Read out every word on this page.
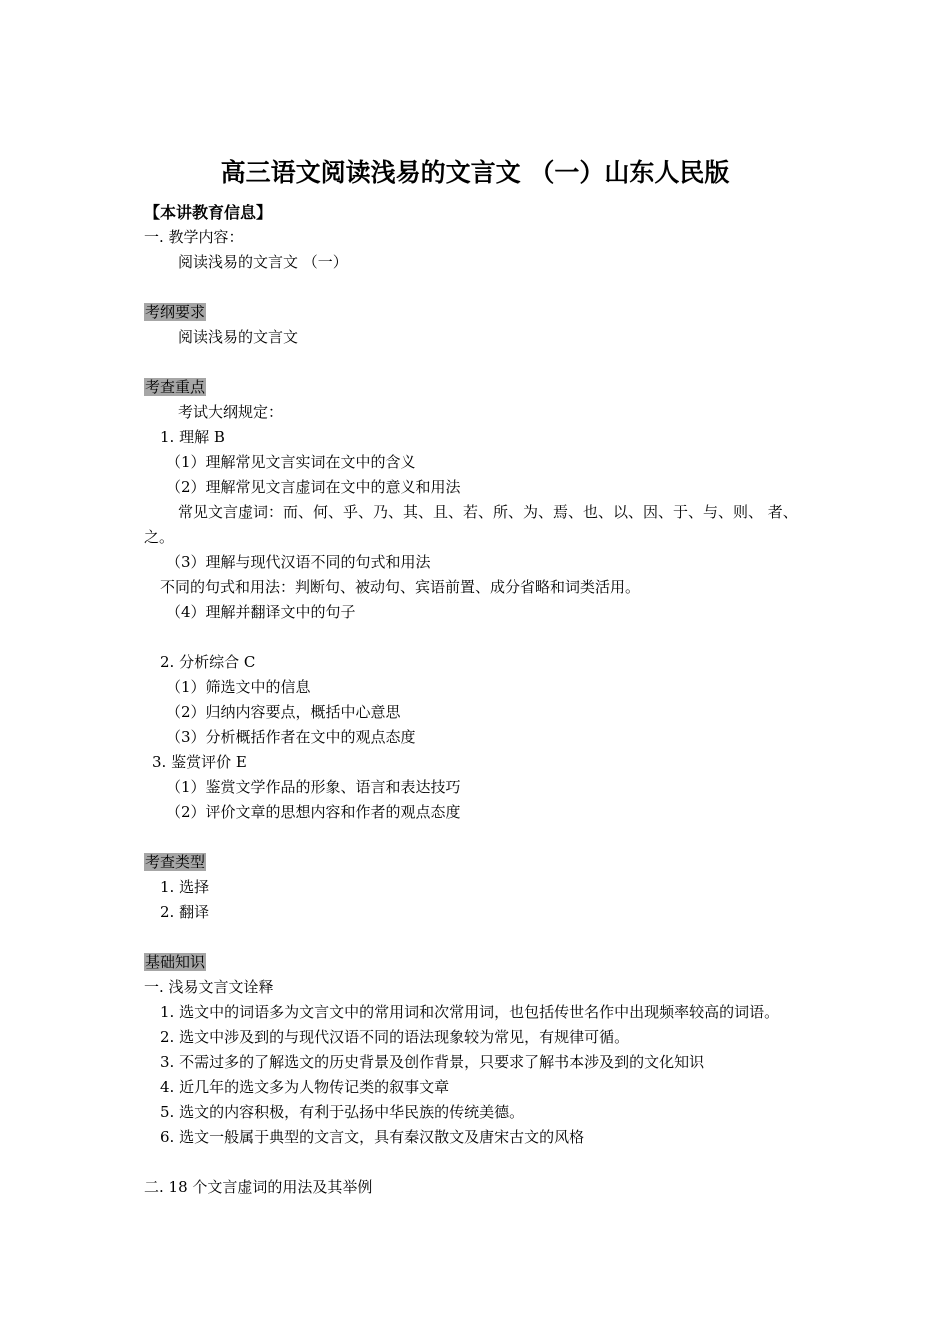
高三语文阅读浅易的文言文 （一）山东人民版
【本讲教育信息】
一. 教学内容：
阅读浅易的文言文 （一）
考纲要求
阅读浅易的文言文
考查重点
考试大纲规定：
1. 理解 B
（1）理解常见文言实词在文中的含义
（2）理解常见文言虚词在文中的意义和用法
常见文言虚词：而、何、乎、乃、其、且、若、所、为、焉、也、以、因、于、与、则、 者、 之。
（3）理解与现代汉语不同的句式和用法
不同的句式和用法：判断句、被动句、宾语前置、成分省略和词类活用。
（4）理解并翻译文中的句子
2. 分析综合 C
（1）筛选文中的信息
（2）归纳内容要点，概括中心意思
（3）分析概括作者在文中的观点态度
3. 鉴赏评价 E
（1）鉴赏文学作品的形象、语言和表达技巧
（2）评价文章的思想内容和作者的观点态度
考查类型
1. 选择
2. 翻译
基础知识
一. 浅易文言文诠释
1. 选文中的词语多为文言文中的常用词和次常用词，也包括传世名作中出现频率较高的词语。
2. 选文中涉及到的与现代汉语不同的语法现象较为常见，有规律可循。
3. 不需过多的了解选文的历史背景及创作背景，只要求了解书本涉及到的文化知识
4. 近几年的选文多为人物传记类的叙事文章
5. 选文的内容积极，有利于弘扬中华民族的传统美德。
6. 选文一般属于典型的文言文，具有秦汉散文及唐宋古文的风格
二. 18 个文言虚词的用法及其举例
